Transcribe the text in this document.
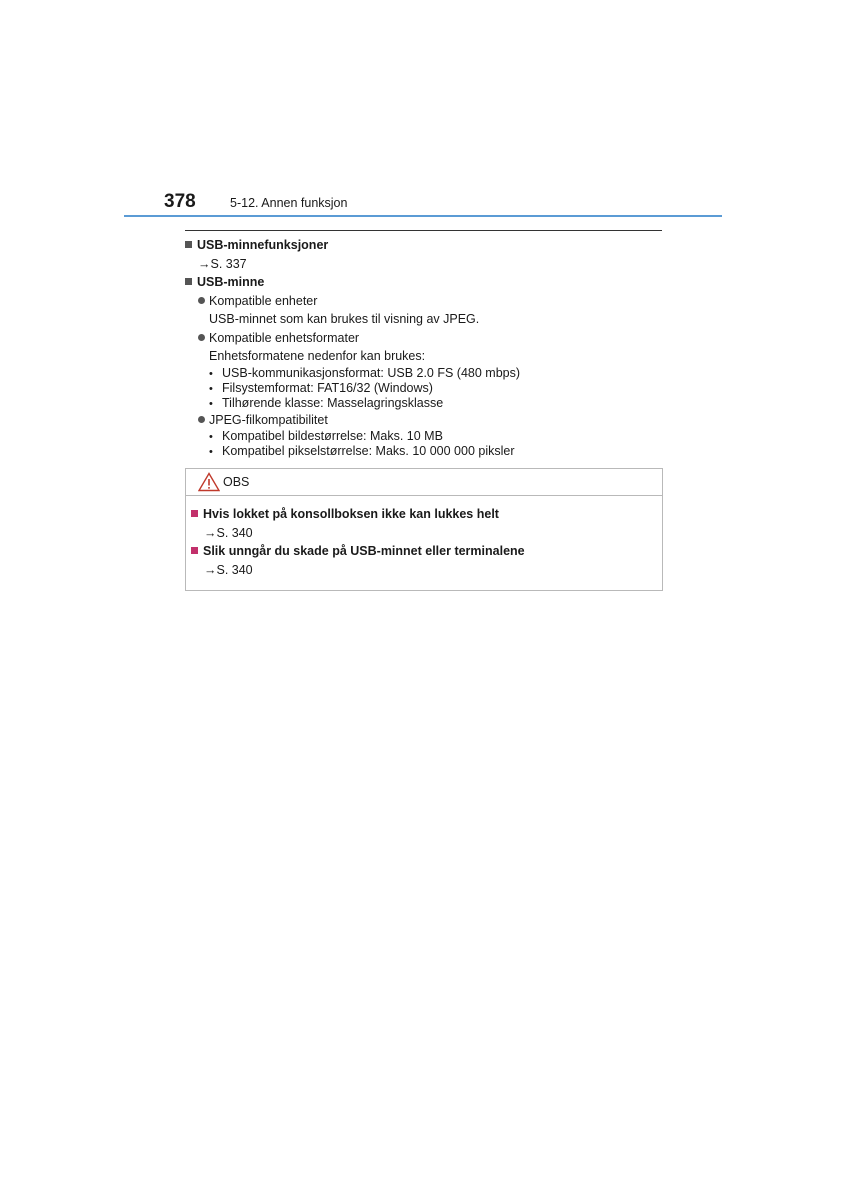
378	5-12. Annen funksjon
USB-minnefunksjoner
→S. 337
USB-minne
Kompatible enheter
USB-minnet som kan brukes til visning av JPEG.
Kompatible enhetsformater
Enhetsformatene nedenfor kan brukes:
• USB-kommunikasjonsformat: USB 2.0 FS (480 mbps)
• Filsystemformat: FAT16/32 (Windows)
• Tilhørende klasse: Masselagringsklasse
JPEG-filkompatibilitet
• Kompatibel bildestørrelse: Maks. 10 MB
• Kompatibel pikselstørrelse: Maks. 10 000 000 piksler
OBS
Hvis lokket på konsollboksen ikke kan lukkes helt
→S. 340
Slik unngår du skade på USB-minnet eller terminalene
→S. 340
